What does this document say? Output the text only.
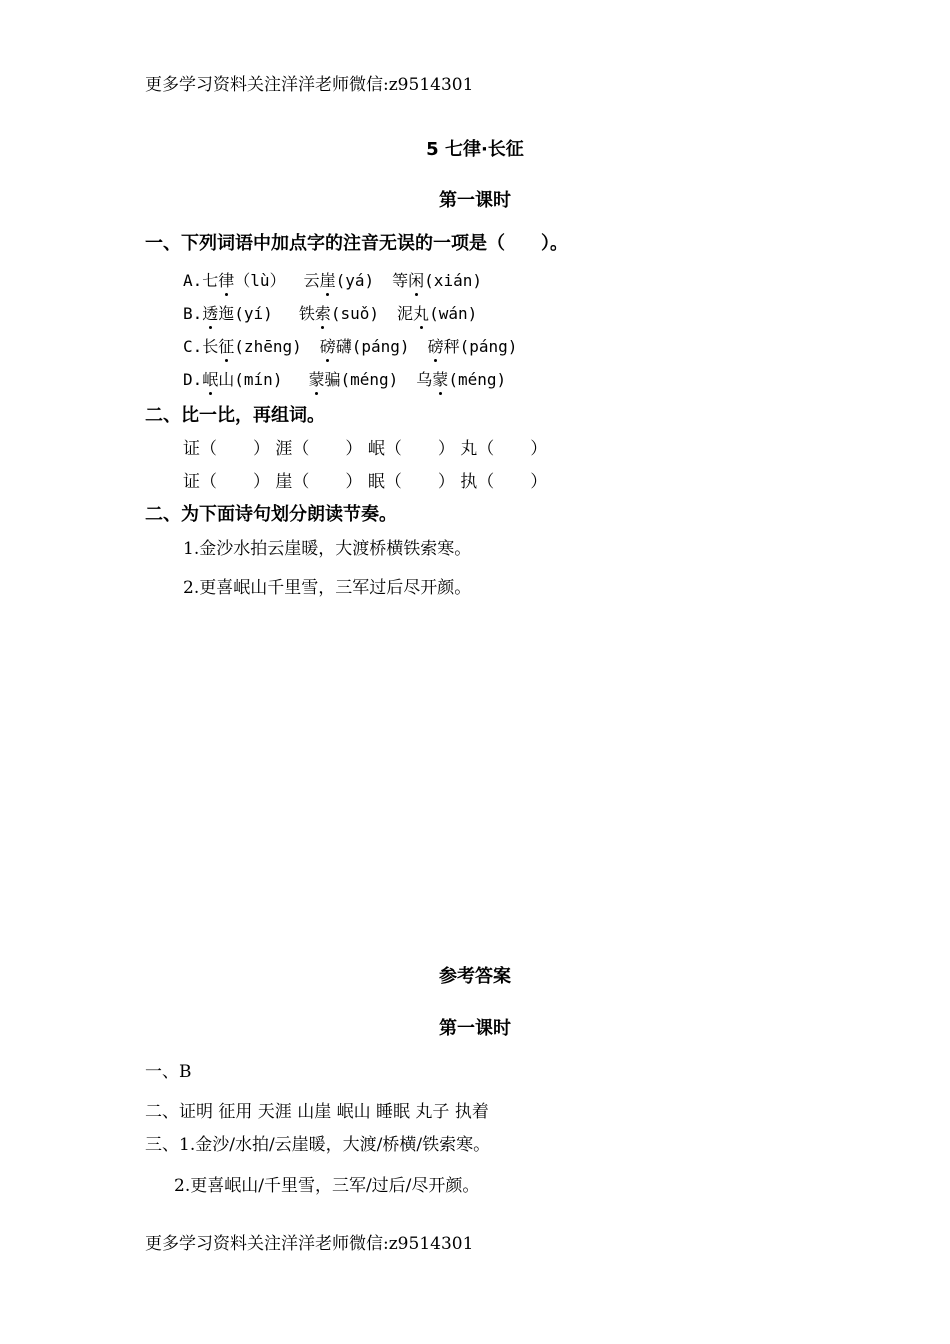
更多学习资料关注洋洋老师微信:z9514301
5 七律·长征
第一课时
一、下列词语中加点字的注音无误的一项是（　　）。
A.七律（lù） 云崖(yá) 等闲(xián)
B.透迤(yí) 铁索(suǒ) 泥丸(wán)
C.长征(zhēng) 磅礴(páng) 磅秤(páng)
D.岷山(mín) 蒙骗(méng) 乌蒙(méng)
二、比一比，再组词。
证（ ） 涯（ ） 岷（ ） 丸（ ）
证（ ） 崖（ ） 眠（ ） 执（ ）
二、为下面诗句划分朗读节奏。
1.金沙水拍云崖暖，大渡桥横铁索寒。
2.更喜岷山千里雪，三军过后尽开颜。
参考答案
第一课时
一、B
二、证明 征用 天涯 山崖 岷山 睡眠 丸子 执着
三、1.金沙/水拍/云崖暖，大渡/桥横/铁索寒。
2.更喜岷山/千里雪，三军/过后/尽开颜。
更多学习资料关注洋洋老师微信:z9514301
